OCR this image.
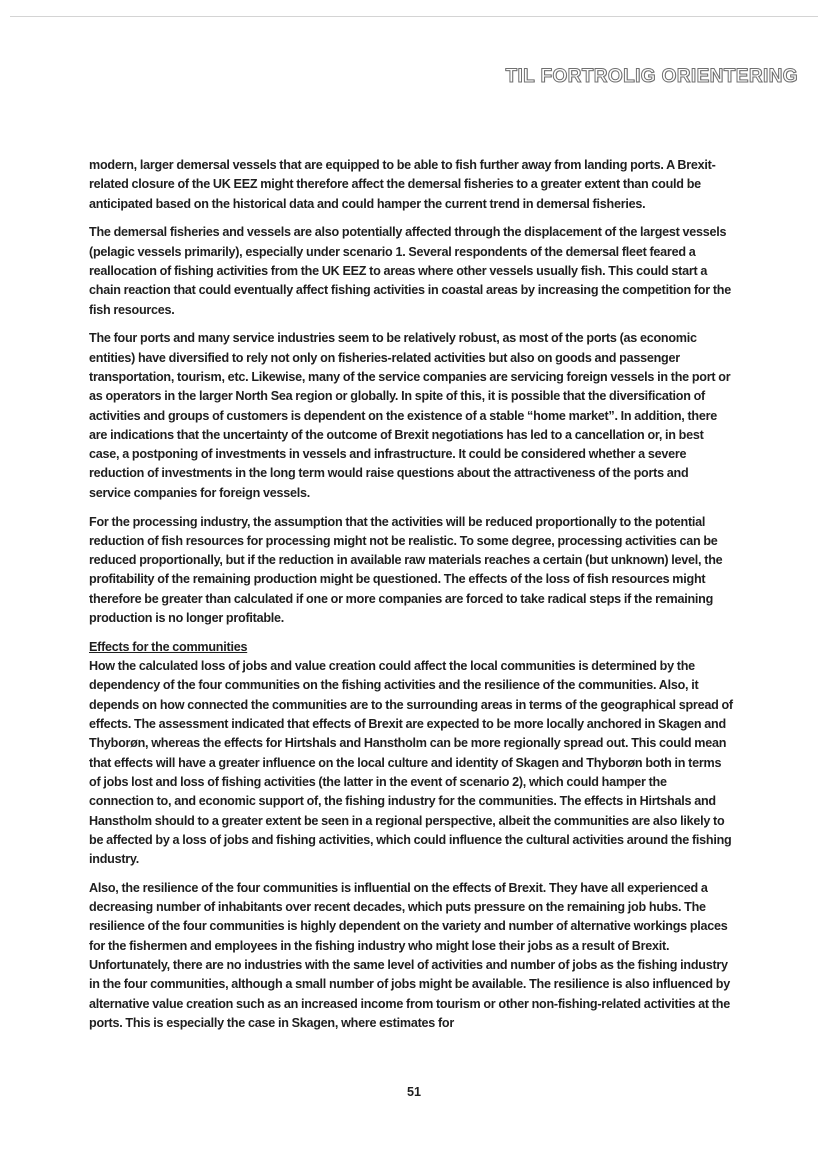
TIL FORTROLIG ORIENTERING

modern, larger demersal vessels that are equipped to be able to fish further away from landing ports. A Brexit-related closure of the UK EEZ might therefore affect the demersal fisheries to a greater extent than could be anticipated based on the historical data and could hamper the current trend in demersal fisheries.

The demersal fisheries and vessels are also potentially affected through the displacement of the largest vessels (pelagic vessels primarily), especially under scenario 1. Several respondents of the demersal fleet feared a reallocation of fishing activities from the UK EEZ to areas where other vessels usually fish. This could start a chain reaction that could eventually affect fishing activities in coastal areas by increasing the competition for the fish resources.

The four ports and many service industries seem to be relatively robust, as most of the ports (as economic entities) have diversified to rely not only on fisheries-related activities but also on goods and passenger transportation, tourism, etc. Likewise, many of the service companies are servicing foreign vessels in the port or as operators in the larger North Sea region or globally. In spite of this, it is possible that the diversification of activities and groups of customers is dependent on the existence of a stable “home market”. In addition, there are indications that the uncertainty of the outcome of Brexit negotiations has led to a cancellation or, in best case, a postponing of investments in vessels and infrastructure. It could be considered whether a severe reduction of investments in the long term would raise questions about the attractiveness of the ports and service companies for foreign vessels.

For the processing industry, the assumption that the activities will be reduced proportionally to the potential reduction of fish resources for processing might not be realistic. To some degree, processing activities can be reduced proportionally, but if the reduction in available raw materials reaches a certain (but unknown) level, the profitability of the remaining production might be questioned. The effects of the loss of fish resources might therefore be greater than calculated if one or more companies are forced to take radical steps if the remaining production is no longer profitable.

Effects for the communities

How the calculated loss of jobs and value creation could affect the local communities is determined by the dependency of the four communities on the fishing activities and the resilience of the communities. Also, it depends on how connected the communities are to the surrounding areas in terms of the geographical spread of effects. The assessment indicated that effects of Brexit are expected to be more locally anchored in Skagen and Thyborøn, whereas the effects for Hirtshals and Hanstholm can be more regionally spread out. This could mean that effects will have a greater influence on the local culture and identity of Skagen and Thyborøn both in terms of jobs lost and loss of fishing activities (the latter in the event of scenario 2), which could hamper the connection to, and economic support of, the fishing industry for the communities. The effects in Hirtshals and Hanstholm should to a greater extent be seen in a regional perspective, albeit the communities are also likely to be affected by a loss of jobs and fishing activities, which could influence the cultural activities around the fishing industry.

Also, the resilience of the four communities is influential on the effects of Brexit. They have all experienced a decreasing number of inhabitants over recent decades, which puts pressure on the remaining job hubs. The resilience of the four communities is highly dependent on the variety and number of alternative workings places for the fishermen and employees in the fishing industry who might lose their jobs as a result of Brexit. Unfortunately, there are no industries with the same level of activities and number of jobs as the fishing industry in the four communities, although a small number of jobs might be available. The resilience is also influenced by alternative value creation such as an increased income from tourism or other non-fishing-related activities at the ports. This is especially the case in Skagen, where estimates for

51
